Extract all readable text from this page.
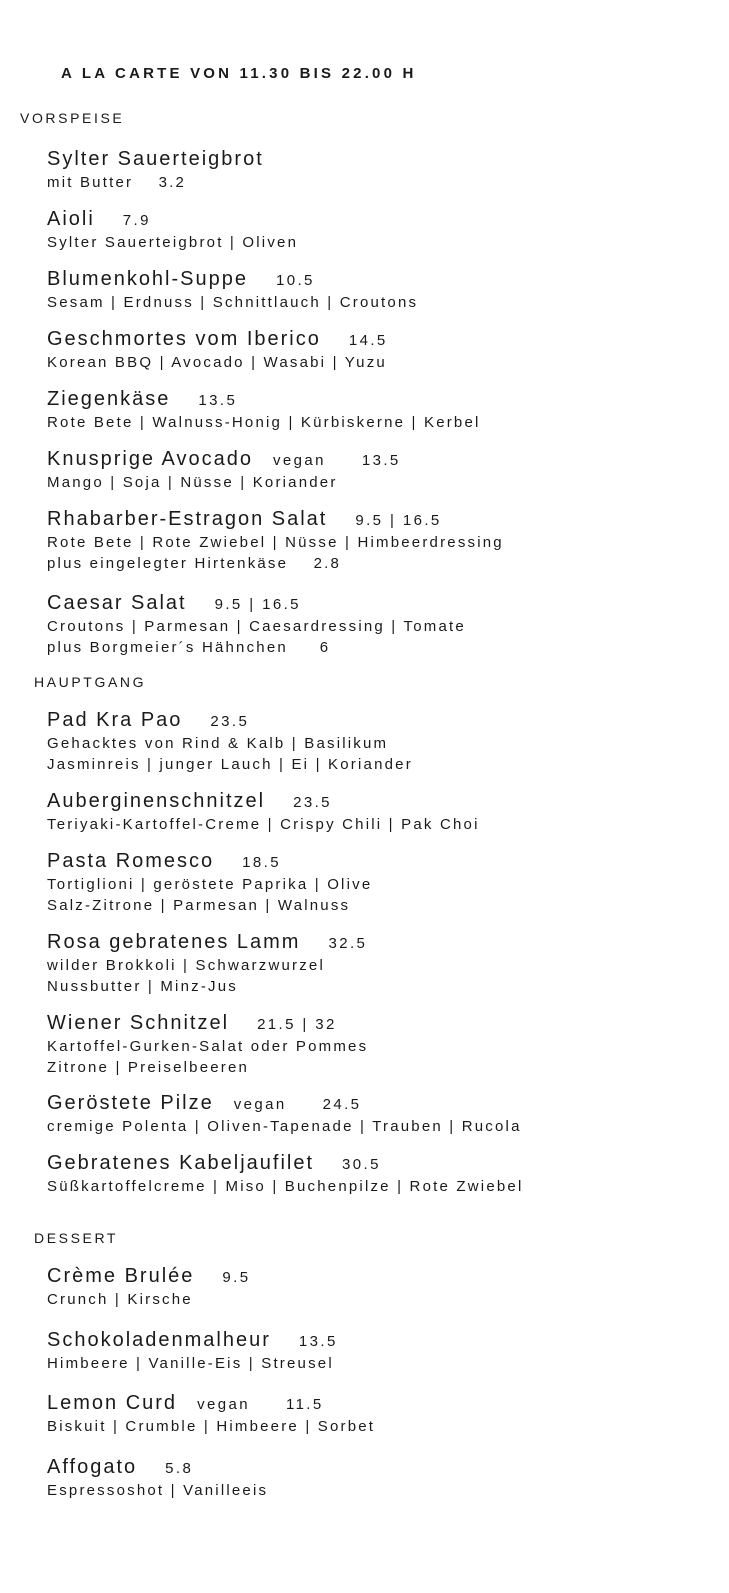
A LA CARTE VON 11.30 BIS 22.00 H
VORSPEISE
Sylter Sauerteigbrot
mit Butter    3.2
Aioli 7.9
Sylter Sauerteigbrot | Oliven
Blumenkohl-Suppe 10.5
Sesam | Erdnuss | Schnittlauch | Croutons
Geschmortes vom Iberico 14.5
Korean BBQ | Avocado | Wasabi | Yuzu
Ziegenkäse 13.5
Rote Bete | Walnuss-Honig | Kürbiskerne | Kerbel
Knusprige Avocado vegan 13.5
Mango | Soja | Nüsse | Koriander
Rhabarber-Estragon Salat 9.5 | 16.5
Rote Bete | Rote Zwiebel | Nüsse | Himbeerdressing
plus eingelegter Hirtenkäse    2.8
Caesar Salat 9.5 | 16.5
Croutons | Parmesan | Caesardressing | Tomate
plus Borgmeier´s Hähnchen     6
HAUPTGANG
Pad Kra Pao 23.5
Gehacktes von Rind & Kalb | Basilikum
Jasminreis | junger Lauch | Ei | Koriander
Auberginenschnitzel 23.5
Teriyaki-Kartoffel-Creme | Crispy Chili | Pak Choi
Pasta Romesco 18.5
Tortiglioni | geröstete Paprika | Olive
Salz-Zitrone | Parmesan | Walnuss
Rosa gebratenes Lamm 32.5
wilder Brokkoli | Schwarzwurzel
Nussbutter | Minz-Jus
Wiener Schnitzel 21.5 | 32
Kartoffel-Gurken-Salat oder Pommes
Zitrone | Preiselbeeren
Geröstete Pilze vegan 24.5
cremige Polenta | Oliven-Tapenade | Trauben | Rucola
Gebratenes Kabeljaufilet 30.5
Süßkartoffelcreme | Miso | Buchenpilze | Rote Zwiebel
DESSERT
Crème Brulée 9.5
Crunch | Kirsche
Schokoladenmalheur 13.5
Himbeere | Vanille-Eis | Streusel
Lemon Curd vegan 11.5
Biskuit | Crumble | Himbeere | Sorbet
Affogato 5.8
Espressoshot | Vanilleeis
